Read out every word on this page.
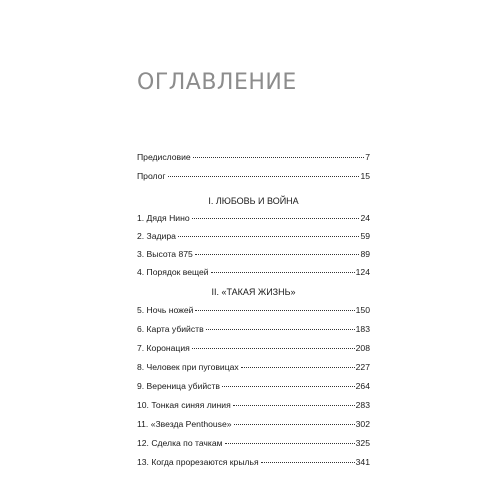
ОГЛАВЛЕНИЕ
Предисловие	7
Пролог	15
I. ЛЮБОВЬ И ВОЙНА
1. Дядя Нино	24
2. Задира	59
3. Высота 875	89
4. Порядок вещей	124
II. «ТАКАЯ ЖИЗНЬ»
5. Ночь ножей	150
6. Карта убийств	183
7. Коронация	208
8. Человек при пуговицах	227
9. Вереница убийств	264
10. Тонкая синяя линия	283
11. «Звезда Penthouse»	302
12. Сделка по тачкам	325
13. Когда прорезаются крылья	341
